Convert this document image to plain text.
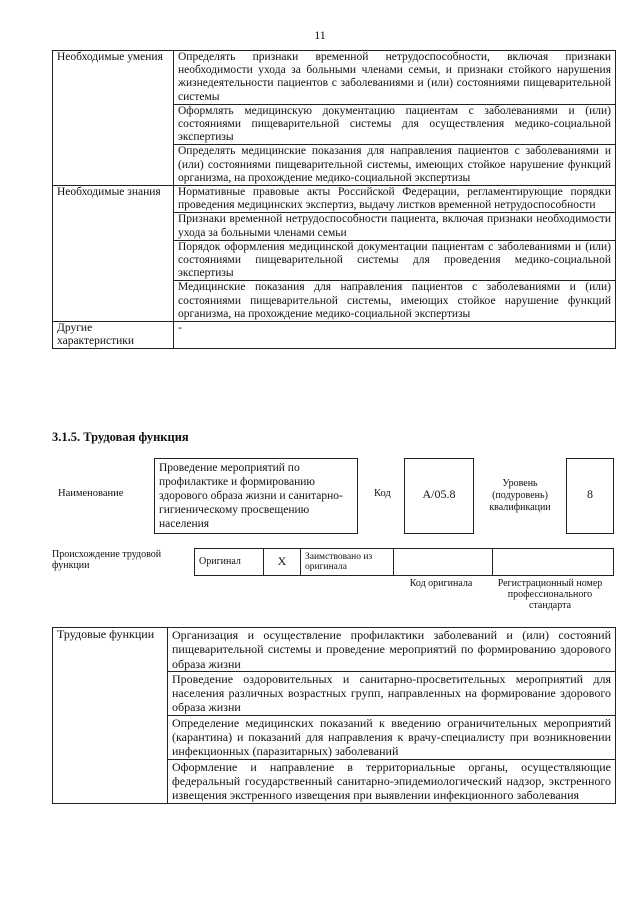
11
Необходимые умения	Определять признаки временной нетрудоспособности, включая признаки необходимости ухода за больными членами семьи, и признаки стойкого нарушения жизнедеятельности пациентов с заболеваниями и (или) состояниями пищеварительной системы
	Оформлять медицинскую документацию пациентам с заболеваниями и (или) состояниями пищеварительной системы для осуществления медико-социальной экспертизы
	Определять медицинские показания для направления пациентов с заболеваниями и (или) состояниями пищеварительной системы, имеющих стойкое нарушение функций организма, на прохождение медико-социальной экспертизы
Необходимые знания	Нормативные правовые акты Российской Федерации, регламентирующие порядки проведения медицинских экспертиз, выдачу листков временной нетрудоспособности
	Признаки временной нетрудоспособности пациента, включая признаки необходимости ухода за больными членами семьи
	Порядок оформления медицинской документации пациентам с заболеваниями и (или) состояниями пищеварительной системы для проведения медико-социальной экспертизы
	Медицинские показания для направления пациентов с заболеваниями и (или) состояниями пищеварительной системы, имеющих стойкое нарушение функций организма, на прохождение медико-социальной экспертизы
Другие характеристики	-
3.1.5. Трудовая функция
Наименование
Проведение мероприятий по профилактике и формированию здорового образа жизни и санитарно-гигиеническому просвещению населения
Код	A/05.8
Уровень (подуровень) квалификации
8
Происхождение трудовой функции	Оригинал	X	Заимствовано из оригинала		
Код оригинала	Регистрационный номер профессионального стандарта
Трудовые функции	Организация и осуществление профилактики заболеваний и (или) состояний пищеварительной системы и проведение мероприятий по формированию здорового образа жизни
Проведение оздоровительных и санитарно-просветительных мероприятий для населения различных возрастных групп, направленных на формирование здорового образа жизни
Определение медицинских показаний к введению ограничительных мероприятий (карантина) и показаний для направления к врачу-специалисту при возникновении инфекционных (паразитарных) заболеваний
Оформление и направление в территориальные органы, осуществляющие федеральный государственный санитарно-эпидемиологический надзор, экстренного извещения экстренного извещения при выявлении инфекционного заболевания
